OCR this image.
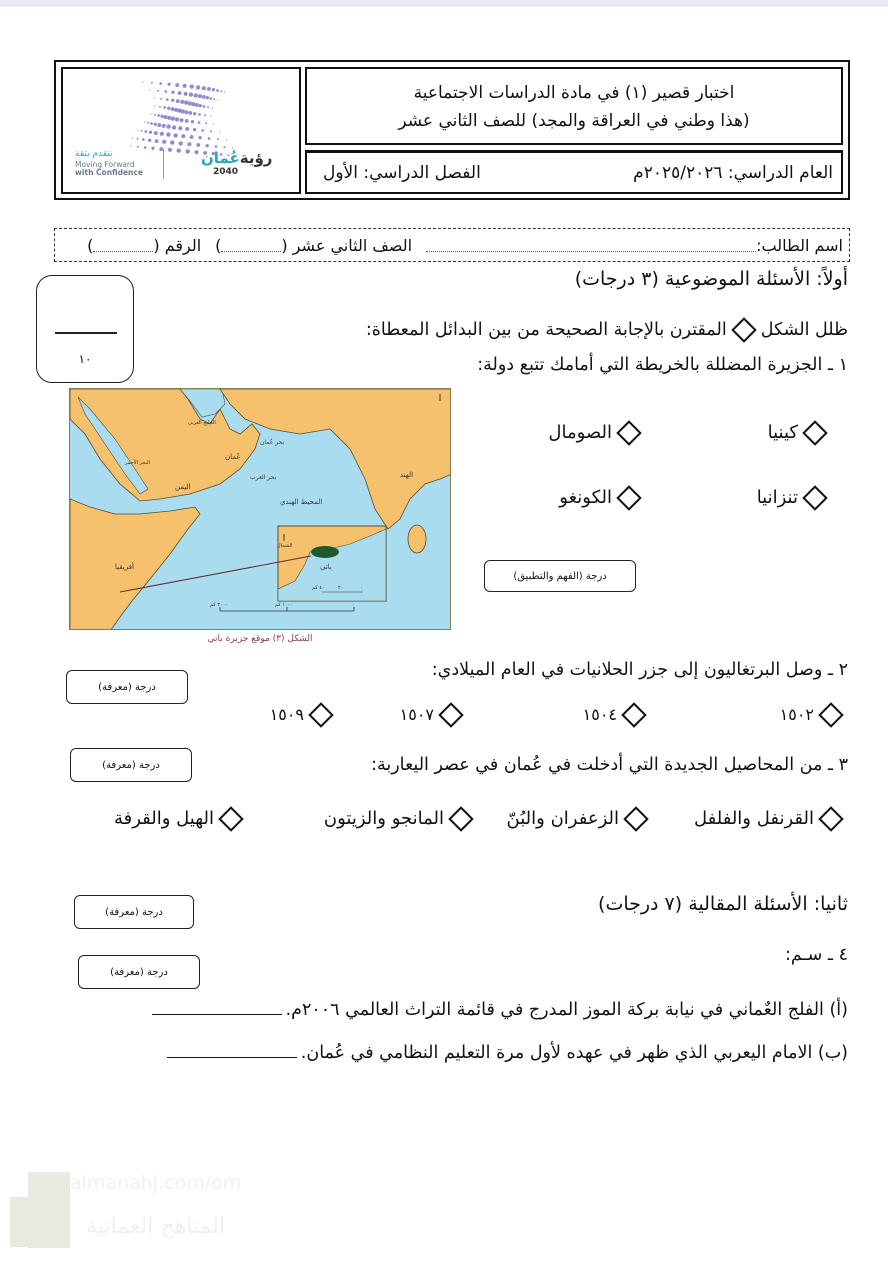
رؤيةعُمان
2040
نتقدم بثقة
Moving Forward
with Confidence
اختبار قصير (١) في مادة الدراسات الاجتماعية
(هذا وطني في العراقة والمجد) للصف الثاني عشر
العام الدراسي: ٢٠٢٥/٢٠٢٦م
الفصل الدراسي: الأول
اسم الطالب:
الصف الثاني عشر (
)
الرقم (
)
أولاً: الأسئلة الموضوعية (٣ درجات)
١٠
ظلل الشكل
المقترن بالإجابة الصحيحة من بين البدائل المعطاة:
١ ـ الجزيرة المضللة بالخريطة التي أمامك تتبع دولة:
الهند
عُمان
اليمن
المحيط الهندي
بحر العرب
بحر عُمان
الخليج العربي
البحر الأحمر
أفريقيا	باتي
الشمال
٢٠٠٠ كم	١٠٠٠ كم	٠
٤٠ كم	٢٠	٠
الشكل (٣) موقع جزيرة باتي
كينيا
الصومال
تنزانيا
الكونغو
درجة (الفهم والتطبيق)
٢ ـ وصل البرتغاليون إلى جزر الحلانيات في العام الميلادي:
درجة (معرفة)
١٥٠٢
١٥٠٤
١٥٠٧
١٥٠٩
٣ ـ من المحاصيل الجديدة التي أدخلت في عُمان في عصر اليعاربة:
درجة (معرفة)
القرنفل والفلفل
الزعفران والبُنّ
المانجو والزيتون
الهيل والقرفة
ثانيا: الأسئلة المقالية (٧ درجات)
درجة (معرفة)
٤ ـ سـم:
درجة (معرفة)
(أ) الفلج العٌماني في نيابة بركة الموز المدرج في قائمة التراث العالمي ٢٠٠٦م.
(ب) الامام اليعربي الذي ظهر في عهده لأول مرة التعليم النظامي في عُمان.
almanahj.com/om
المناهج العمانية
